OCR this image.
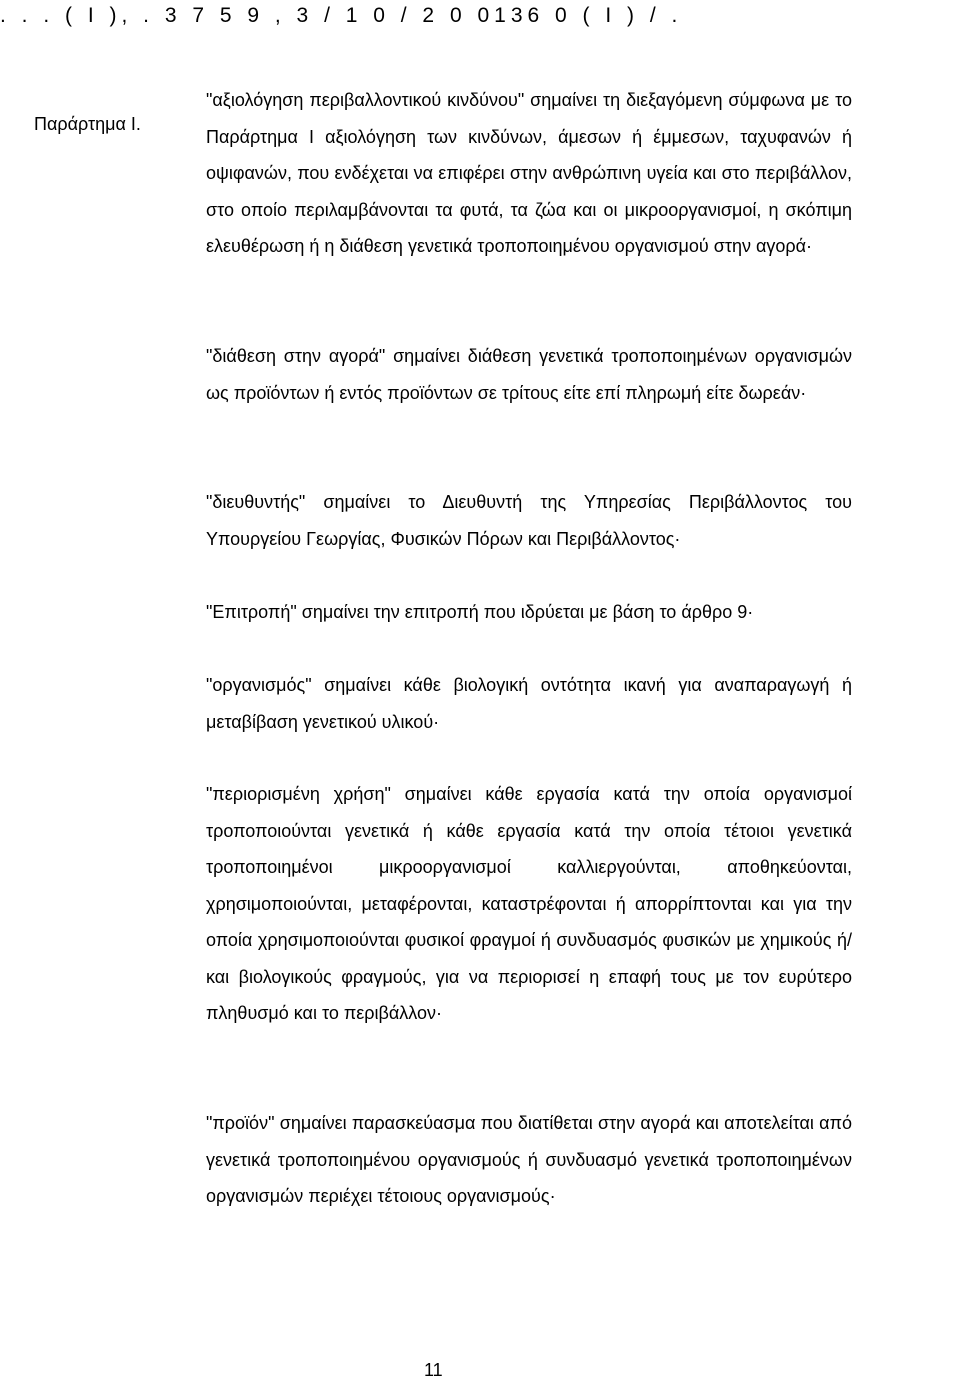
. . . ( Ι ), . 3 7 5 9 , 3 / 1 0 / 2 0 0136 0 ( Ι ) / .
Παράρτημα Ι.

"αξιολόγηση περιβαλλοντικού κινδύνου" σημαίνει τη διεξαγόμενη σύμφωνα με το Παράρτημα Ι αξιολόγηση των κινδύνων, άμεσων ή έμμεσων, ταχυφανών ή οψιφανών, που ενδέχεται να επιφέρει στην ανθρώπινη υγεία και στο περιβάλλον, στο οποίο περιλαμβάνονται τα φυτά, τα ζώα και οι μικροοργανισμοί, η σκόπιμη ελευθέρωση ή η διάθεση γενετικά τροποποιημένου οργανισμού στην αγορά·

"διάθεση στην αγορά" σημαίνει διάθεση γενετικά τροποποιημένων οργανισμών ως προϊόντων ή εντός προϊόντων σε τρίτους είτε επί πληρωμή είτε δωρεάν·

"διευθυντής" σημαίνει το Διευθυντή της Υπηρεσίας Περιβάλλοντος του Υπουργείου Γεωργίας, Φυσικών Πόρων και Περιβάλλοντος·

"Επιτροπή" σημαίνει την επιτροπή που ιδρύεται με βάση το άρθρο 9·

"οργανισμός" σημαίνει κάθε βιολογική οντότητα ικανή για αναπαραγωγή ή μεταβίβαση γενετικού υλικού·

"περιορισμένη χρήση" σημαίνει κάθε εργασία κατά την οποία οργανισμοί τροποποιούνται γενετικά ή κάθε εργασία κατά την οποία τέτοιοι γενετικά τροποποιημένοι μικροοργανισμοί καλλιεργούνται, αποθηκεύονται, χρησιμοποιούνται, μεταφέρονται, καταστρέφονται ή απορρίπτονται και για την οποία χρησιμοποιούνται φυσικοί φραγμοί ή συνδυασμός φυσικών με χημικούς ή/και βιολογικούς φραγμούς, για να περιορισεί η επαφή τους με τον ευρύτερο πληθυσμό και το περιβάλλον·

"προϊόν" σημαίνει παρασκεύασμα που διατίθεται στην αγορά και αποτελείται από γενετικά τροποποιημένου οργανισμούς ή συνδυασμό γενετικά τροποποιημένων οργανισμών περιέχει τέτοιους οργανισμούς·

11
